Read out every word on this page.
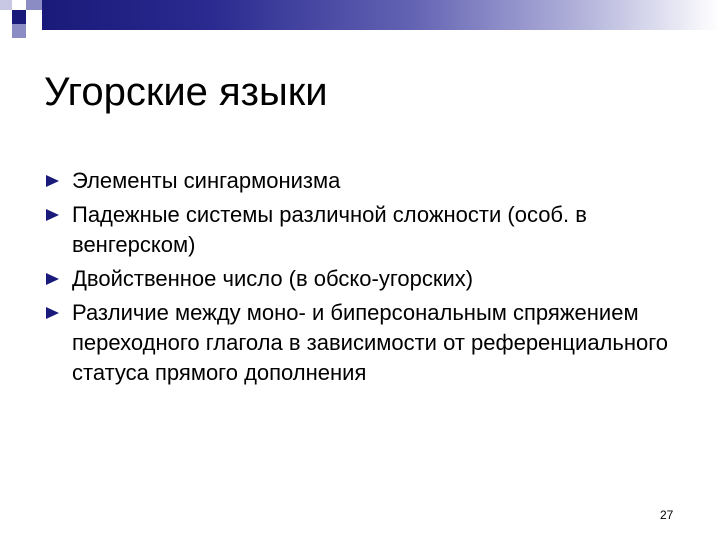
Угорские языки
Элементы сингармонизма
Падежные системы различной сложности (особ. в венгерском)
Двойственное число (в обско-угорских)
Различие между моно- и биперсональным спряжением переходного глагола в зависимости от референциального статуса прямого дополнения
27
